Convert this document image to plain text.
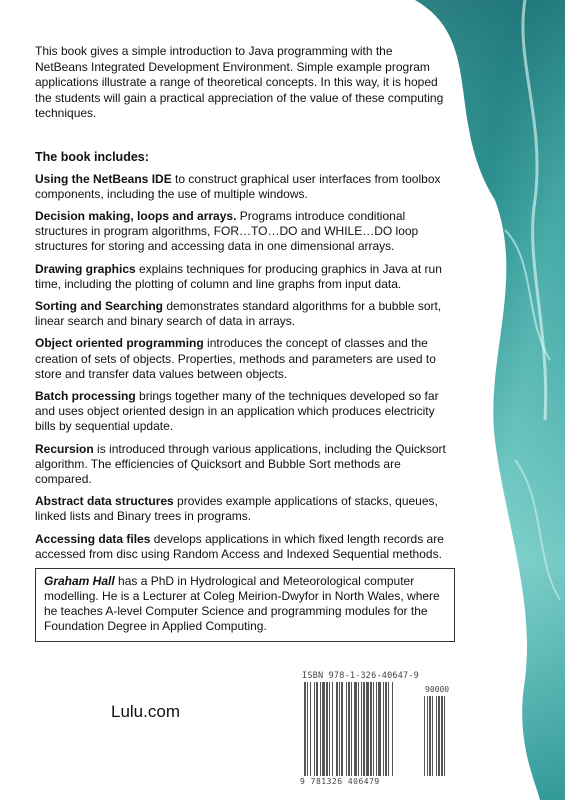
This book gives a simple introduction to Java programming with the NetBeans Integrated Development Environment. Simple example program applications illustrate a range of theoretical concepts. In this way, it is hoped the students will gain a practical appreciation of the value of these computing techniques.

The book includes:
Using the NetBeans IDE to construct graphical user interfaces from toolbox components, including the use of multiple windows.
Decision making, loops and arrays. Programs introduce conditional structures in program algorithms, FOR…TO…DO and WHILE…DO loop structures for storing and accessing data in one dimensional arrays.
Drawing graphics explains techniques for producing graphics in Java at run time, including the plotting of column and line graphs from input data.
Sorting and Searching demonstrates standard algorithms for a bubble sort, linear search and binary search of data in arrays.
Object oriented programming introduces the concept of classes and the creation of sets of objects. Properties, methods and parameters are used to store and transfer data values between objects.
Batch processing brings together many of the techniques developed so far and uses object oriented design in an application which produces electricity bills by sequential update.
Recursion is introduced through various applications, including the Quicksort algorithm. The efficiencies of Quicksort and Bubble Sort methods are compared.
Abstract data structures provides example applications of stacks, queues, linked lists and Binary trees in programs.
Accessing data files develops applications in which fixed length records are accessed from disc using Random Access and Indexed Sequential methods.
Graham Hall has a PhD in Hydrological and Meteorological computer modelling. He is a Lecturer at Coleg Meirion-Dwyfor in North Wales, where he teaches A-level Computer Science and programming modules for the Foundation Degree in Applied Computing.
Lulu.com
ISBN 978-1-326-40647-9
90000
9 781326 406479
